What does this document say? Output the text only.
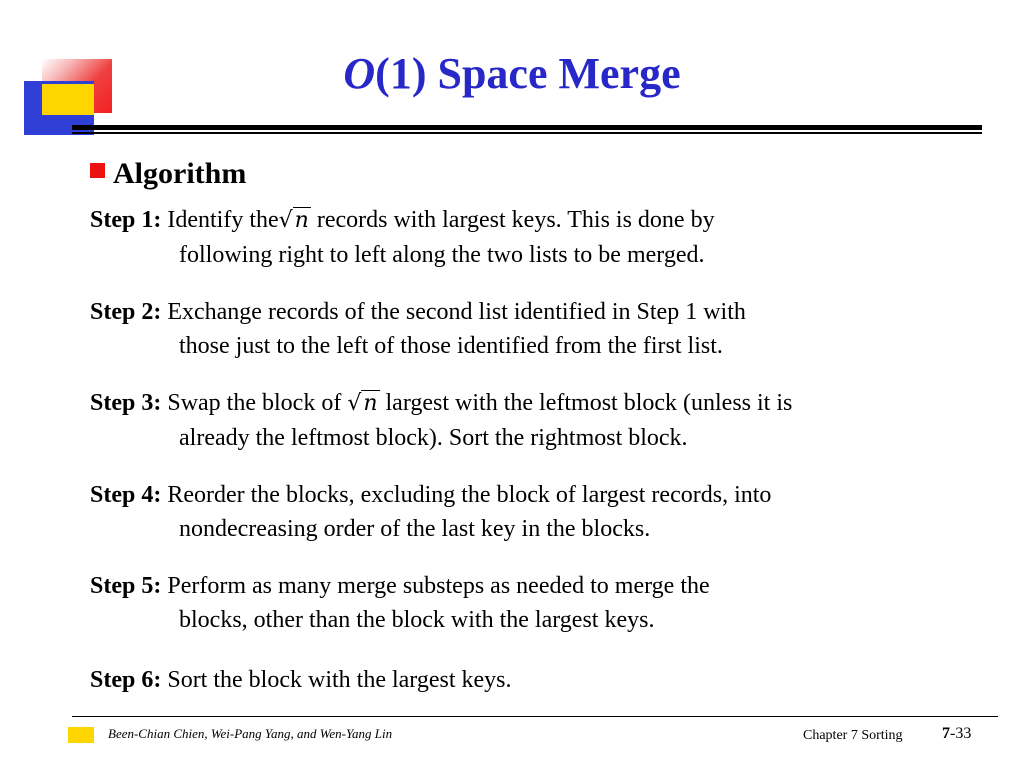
O(1) Space Merge
Algorithm
Step 1: Identify the√n records with largest keys. This is done by
following right to left along the two lists to be merged.
Step 2: Exchange records of the second list identified in Step 1 with
those just to the left of those identified from the first list.
Step 3: Swap the block of √n largest with the leftmost block (unless it is
already the leftmost block). Sort the rightmost block.
Step 4: Reorder the blocks, excluding the block of largest records, into
nondecreasing order of the last key in the blocks.
Step 5: Perform as many merge substeps as needed to merge the
blocks, other than the block with the largest keys.
Step 6: Sort the block with the largest keys.
Been-Chian Chien, Wei-Pang Yang, and Wen-Yang Lin	Chapter 7 Sorting 7-33
